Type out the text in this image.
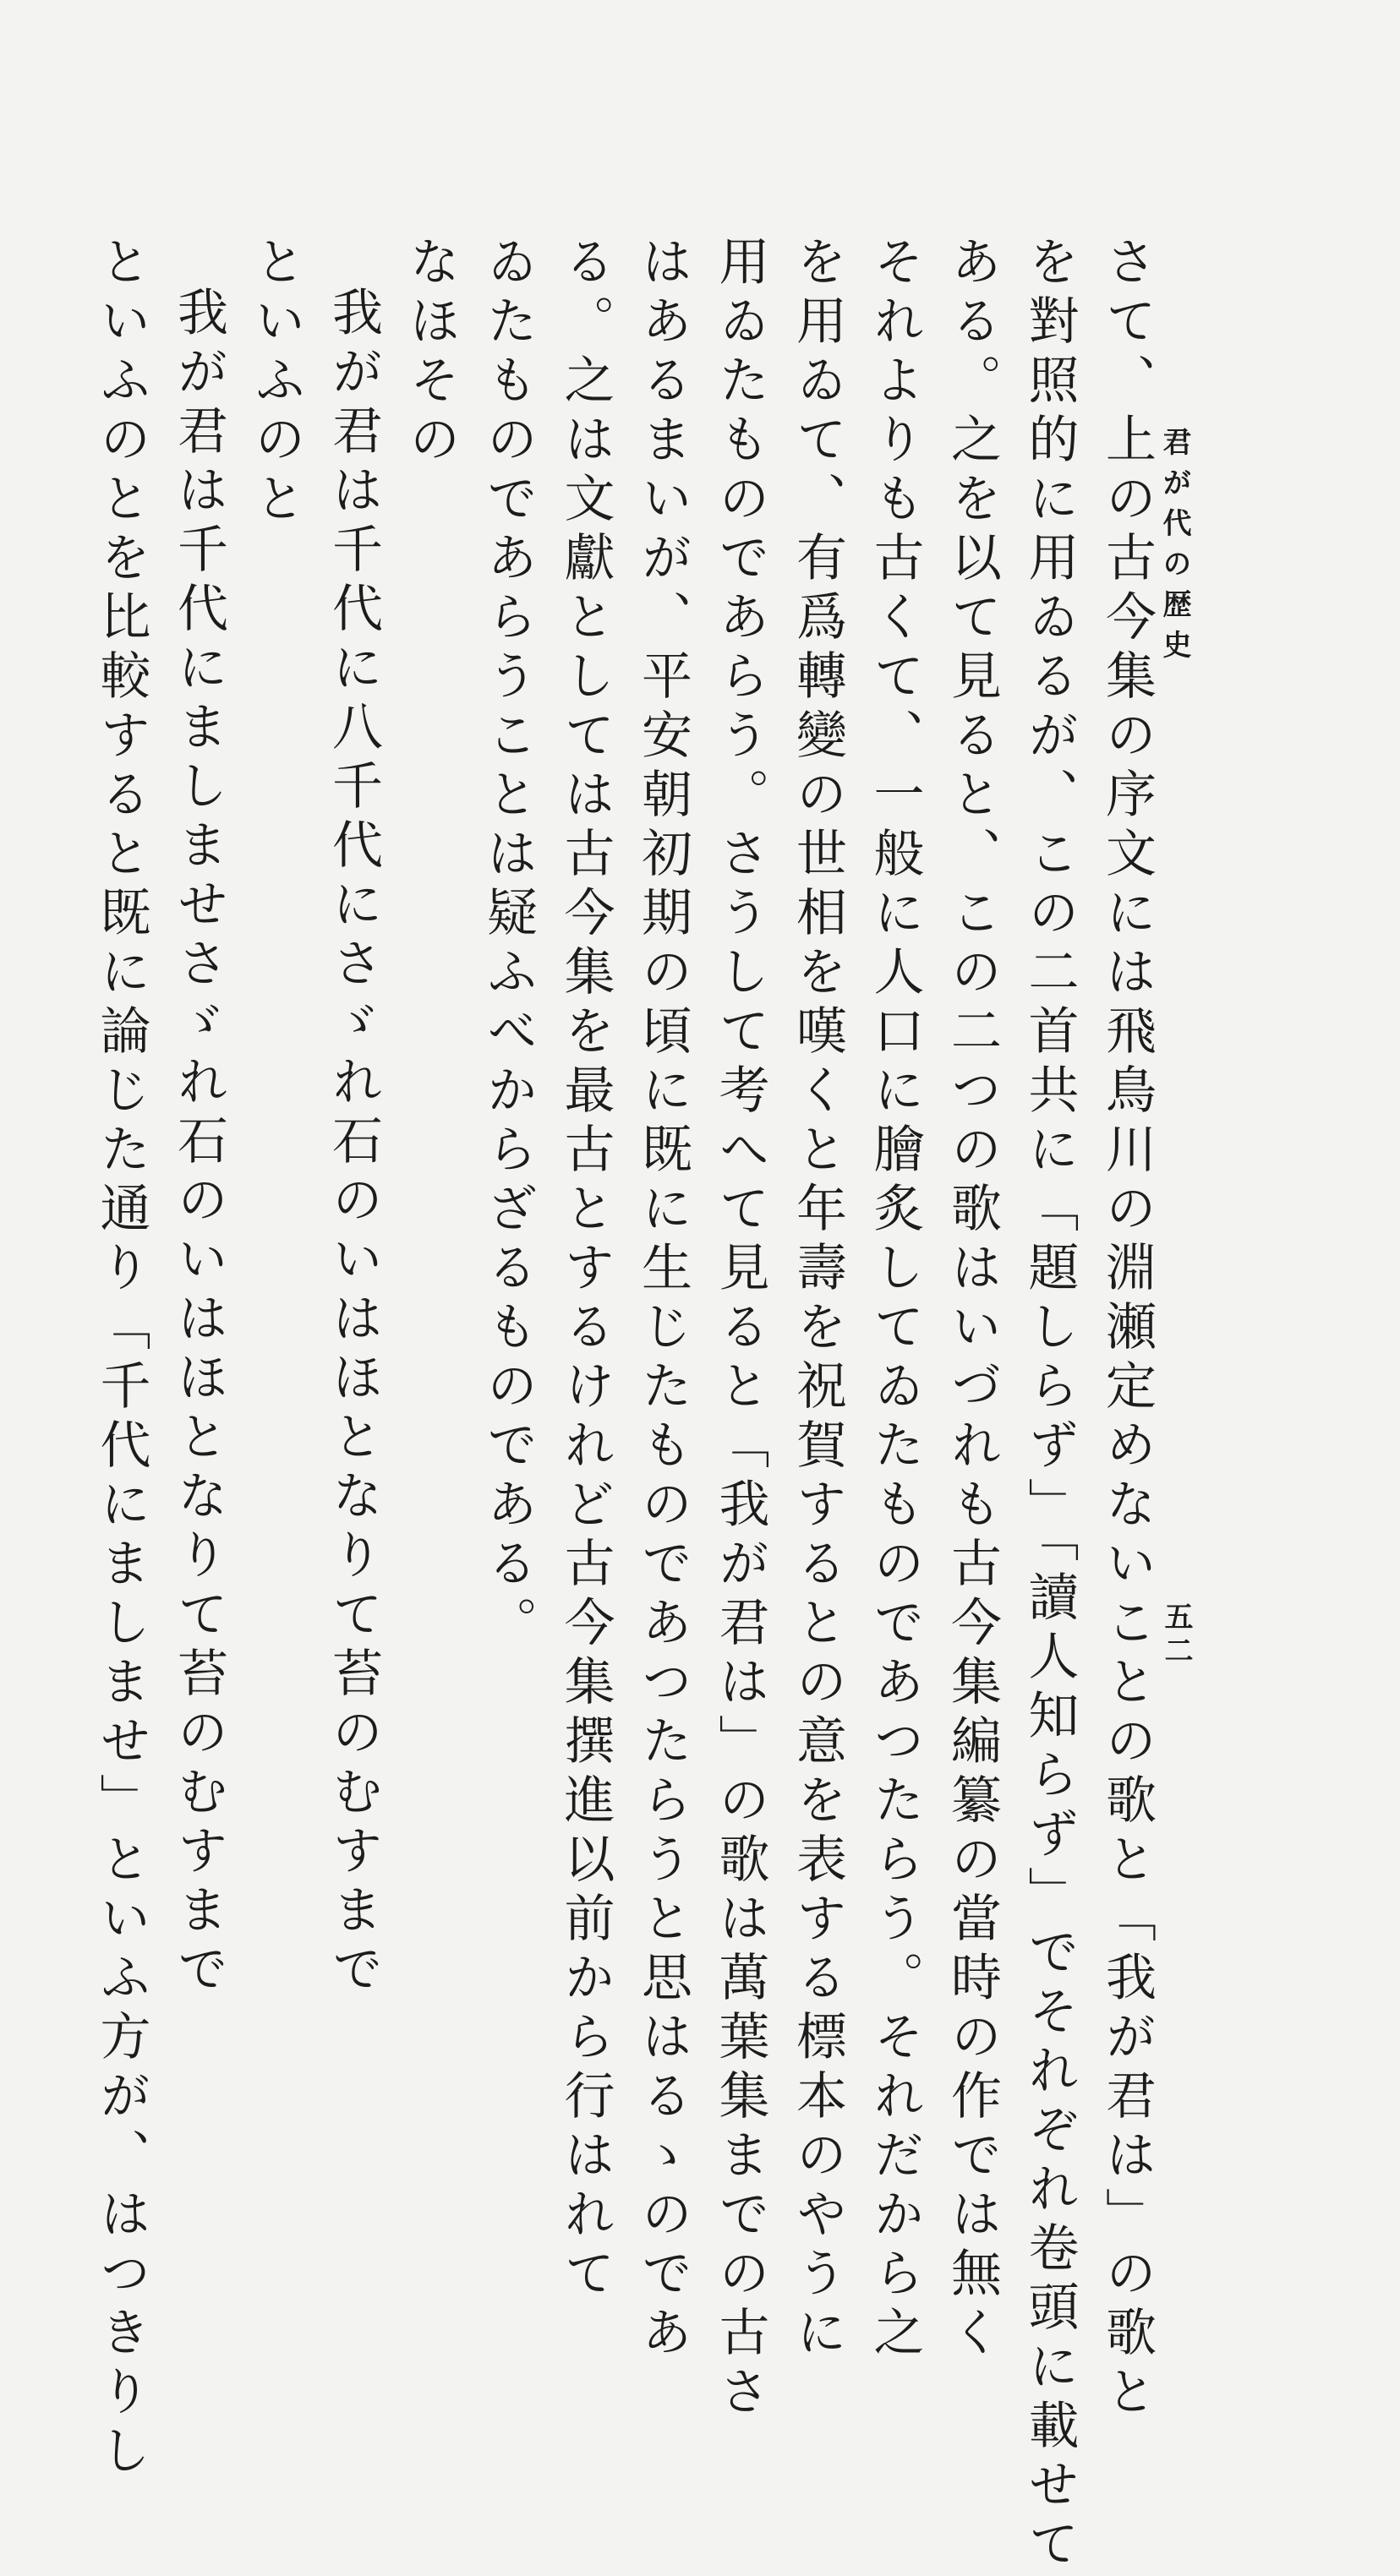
君が代の歴史
五二
さて、上の古今集の序文には飛鳥川の淵瀬定めないことの歌と「我が君は」の歌と
を對照的に用ゐるが、この二首共に「題しらず」「讀人知らず」でそれぞれ卷頭に載せて
ある。之を以て見ると、この二つの歌はいづれも古今集編纂の當時の作では無く
それよりも古くて、一般に人口に膾炙してゐたものであつたらう。それだから之
を用ゐて、有爲轉變の世相を嘆くと年壽を祝賀するとの意を表する標本のやうに
用ゐたものであらう。さうして考へて見ると「我が君は」の歌は萬葉集までの古さ
はあるまいが、平安朝初期の頃に既に生じたものであつたらうと思はるゝのであ
る。之は文獻としては古今集を最古とするけれど古今集撰進以前から行はれて
ゐたものであらうことは疑ふべからざるものである。
なほその
我が君は千代に八千代にさゞれ石のいはほとなりて苔のむすまで
といふのと
我が君は千代にましませさゞれ石のいはほとなりて苔のむすまで
といふのとを比較すると既に論じた通り「千代にましませ」といふ方が、はつきりし
